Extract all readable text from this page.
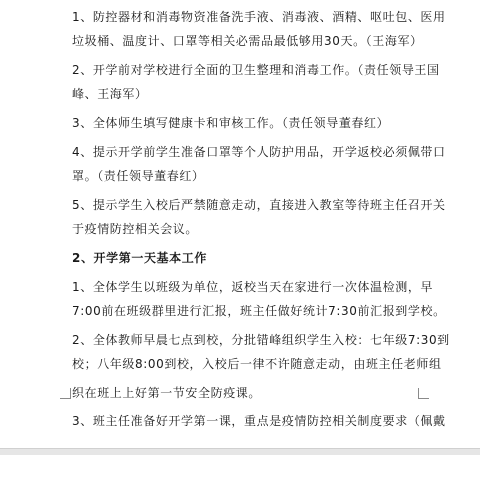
1、防控器材和消毒物资准备洗手液、消毒液、酒精、呕吐包、医用
垃圾桶、温度计、口罩等相关必需品最低够用30天。（王海军）
2、开学前对学校进行全面的卫生整理和消毒工作。（责任领导王国
峰、王海军）
3、全体师生填写健康卡和审核工作。（责任领导董春红）
4、提示开学前学生准备口罩等个人防护用品，开学返校必须佩带口
罩。（责任领导董春红）
5、提示学生入校后严禁随意走动，直接进入教室等待班主任召开关
于疫情防控相关会议。
2、开学第一天基本工作
1、全体学生以班级为单位，返校当天在家进行一次体温检测，早
7:00前在班级群里进行汇报，班主任做好统计7:30前汇报到学校。
2、全体教师早晨七点到校，分批错峰组织学生入校：七年级7:30到
校；八年级8:00到校，入校后一律不许随意走动，由班主任老师组
织在班上上好第一节安全防疫课。
3、班主任准备好开学第一课，重点是疫情防控相关制度要求（佩戴
